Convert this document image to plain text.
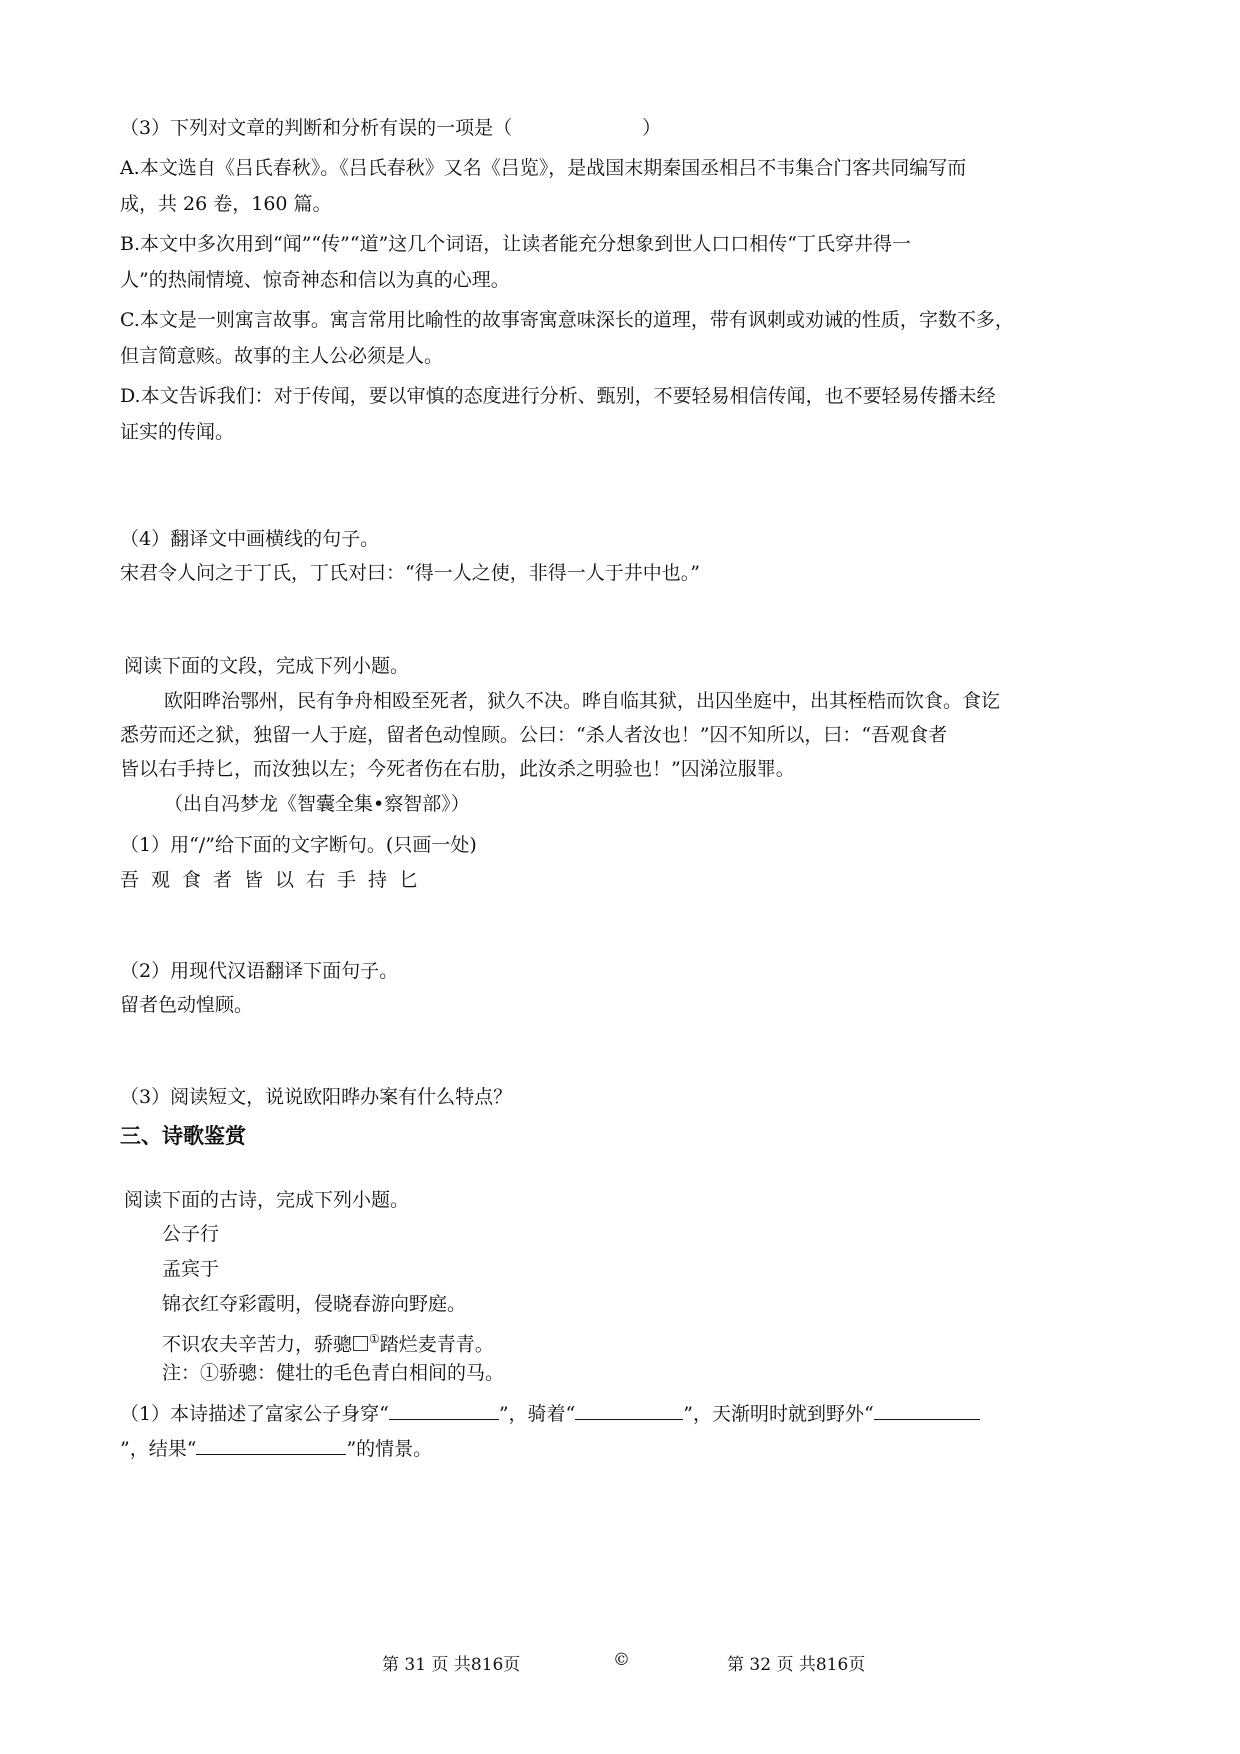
（3）下列对文章的判断和分析有误的一项是（	）

A.本文选自《吕氏春秋》。《吕氏春秋》又名《吕览》，是战国末期秦国丞相吕不韦集合门客共同编写而

成，共 26 卷，160 篇。

B.本文中多次用到“闻”“传”“道”这几个词语，让读者能充分想象到世人口口相传“丁氏穿井得一

人”的热闹情境、惊奇神态和信以为真的心理。

C.本文是一则寓言故事。寓言常用比喻性的故事寄寓意味深长的道理，带有讽刺或劝诫的性质，字数不多，

但言简意赅。故事的主人公必须是人。

D.本文告诉我们：对于传闻，要以审慎的态度进行分析、甄别，不要轻易相信传闻，也不要轻易传播未经

证实的传闻。

（4）翻译文中画横线的句子。

宋君令人问之于丁氏，丁氏对曰：“得一人之使，非得一人于井中也。”

阅读下面的文段，完成下列小题。

欧阳晔治鄂州，民有争舟相殴至死者，狱久不决。晔自临其狱，出囚坐庭中，出其桎梏而饮食。食讫

悉劳而还之狱，独留一人于庭，留者色动惶顾。公曰：“杀人者汝也！”囚不知所以，曰：“吾观食者

皆以右手持匕，而汝独以左；今死者伤在右肋，此汝杀之明验也！”囚涕泣服罪。

（出自冯梦龙《智囊全集•察智部》）

（1）用“/”给下面的文字断句。(只画一处)

吾观食者皆以右手持匕

（2）用现代汉语翻译下面句子。

留者色动惶顾。

（3）阅读短文，说说欧阳晔办案有什么特点？

三、诗歌鉴赏

阅读下面的古诗，完成下列小题。

公子行

孟宾于

锦衣红夺彩霞明，侵晓春游向野庭。

不识农夫辛苦力，骄骢 ①踏烂麦青青。

注：①骄骢：健壮的毛色青白相间的马。

（1）本诗描述了富家公子身穿“	”，骑着“	”，天渐明时就到野外“

”，结果“	”的情景。

第 31 页 共816页	©	第 32 页 共816页
